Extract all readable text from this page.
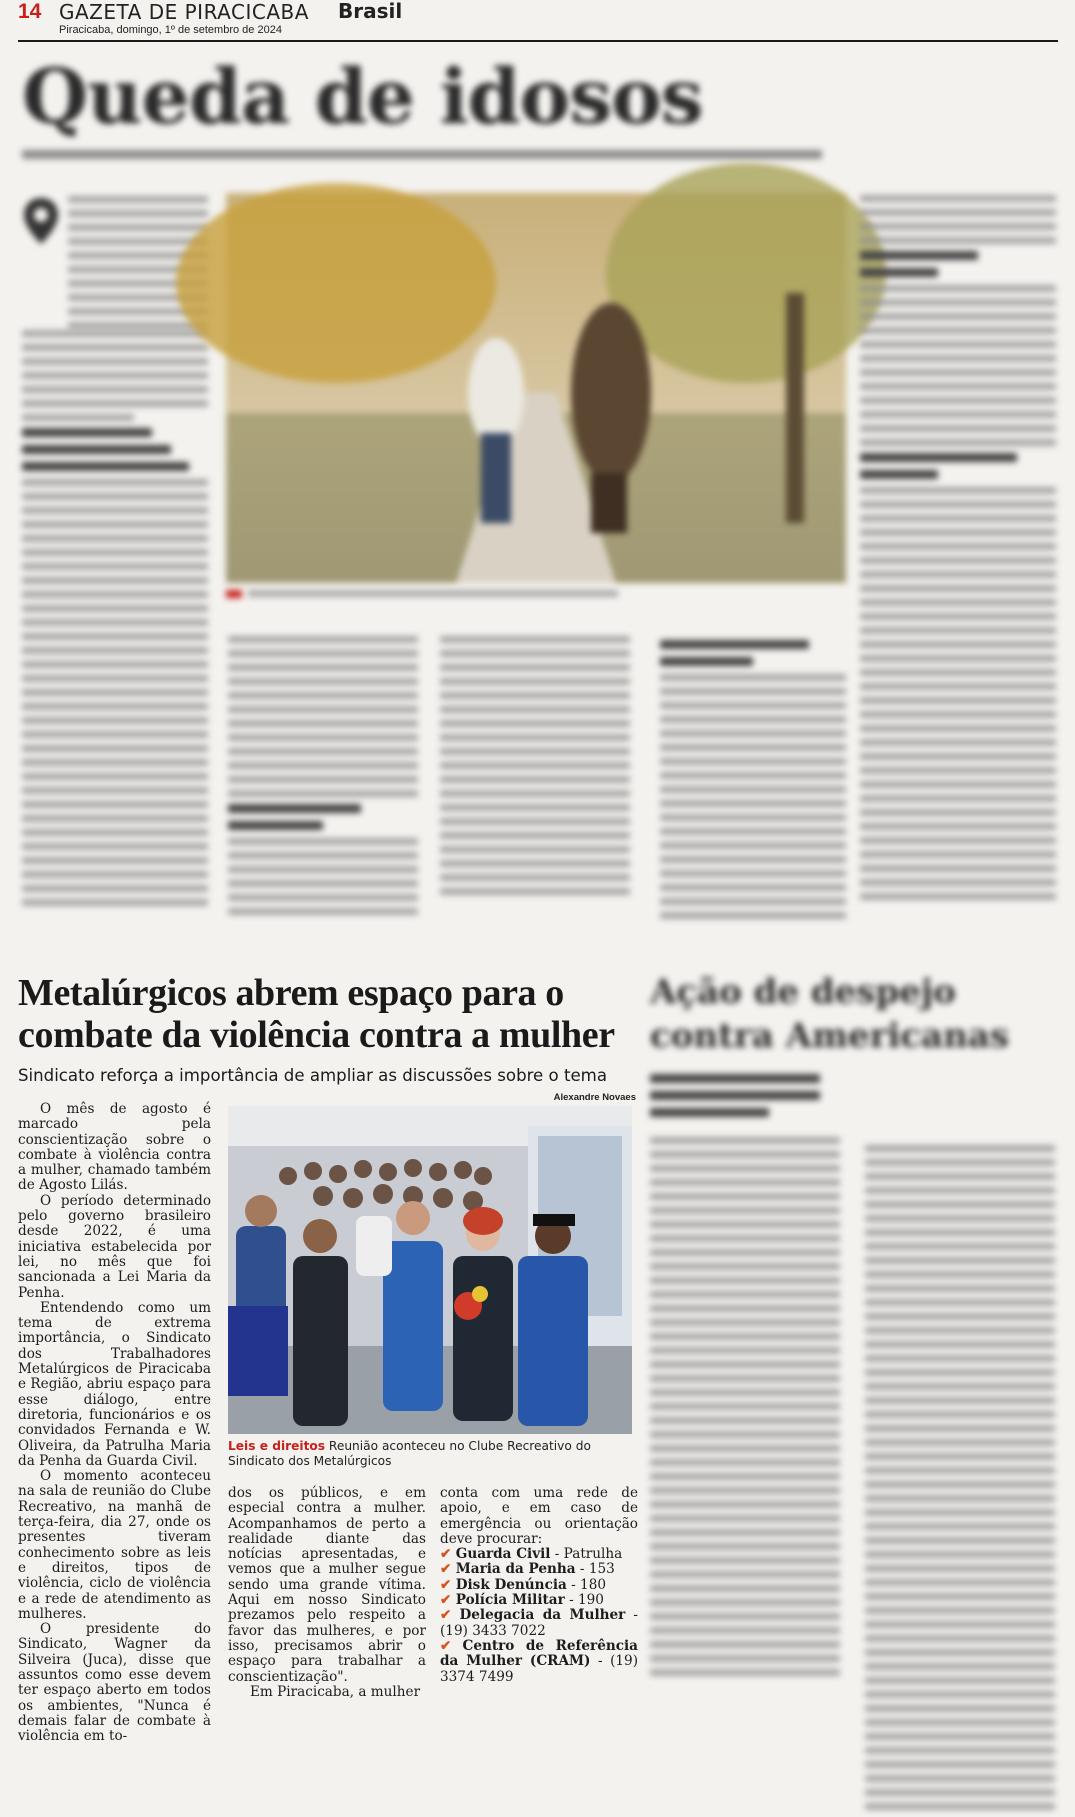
14 GAZETA DE PIRACICABA Brasil
Piracicaba, domingo, 1º de setembro de 2024
Queda de idosos
Metalúrgicos abrem espaço para o combate da violência contra a mulher
Sindicato reforça a importância de ampliar as discussões sobre o tema
Alexandre Novaes

O mês de agosto é marcado pela conscientização sobre o combate à violência contra a mulher, chamado também de Agosto Lilás.

O período determinado pelo governo brasileiro desde 2022, é uma iniciativa estabelecida por lei, no mês que foi sancionada a Lei Maria da Penha.

Entendendo como um tema de extrema importância, o Sindicato dos Trabalhadores Metalúrgicos de Piracicaba e Região, abriu espaço para esse diálogo, entre diretoria, funcionários e os convidados Fernanda e W. Oliveira, da Patrulha Maria da Penha da Guarda Civil.

O momento aconteceu na sala de reunião do Clube Recreativo, na manhã de terça-feira, dia 27, onde os presentes tiveram conhecimento sobre as leis e direitos, tipos de violência, ciclo de violência e a rede de atendimento as mulheres.

O presidente do Sindicato, Wagner da Silveira (Juca), disse que assuntos como esse devem ter espaço aberto em todos os ambientes, "Nunca é demais falar de combate à violência em to-

Leis e direitos Reunião aconteceu no Clube Recreativo do Sindicato dos Metalúrgicos

dos os públicos, e em especial contra a mulher. Acompanhamos de perto a realidade diante das notícias apresentadas, e vemos que a mulher segue sendo uma grande vítima. Aqui em nosso Sindicato prezamos pelo respeito a favor das mulheres, e por isso, precisamos abrir o espaço para trabalhar a conscientização".

Em Piracicaba, a mulher

conta com uma rede de apoio, e em caso de emergência ou orientação deve procurar:

✔ Guarda Civil - Patrulha

✔ Maria da Penha - 153

✔ Disk Denúncia - 180

✔ Polícia Militar - 190

✔ Delegacia da Mulher - (19) 3433 7022

✔ Centro de Referência da Mulher (CRAM) - (19) 3374 7499

Ação de despejo contra Americanas
